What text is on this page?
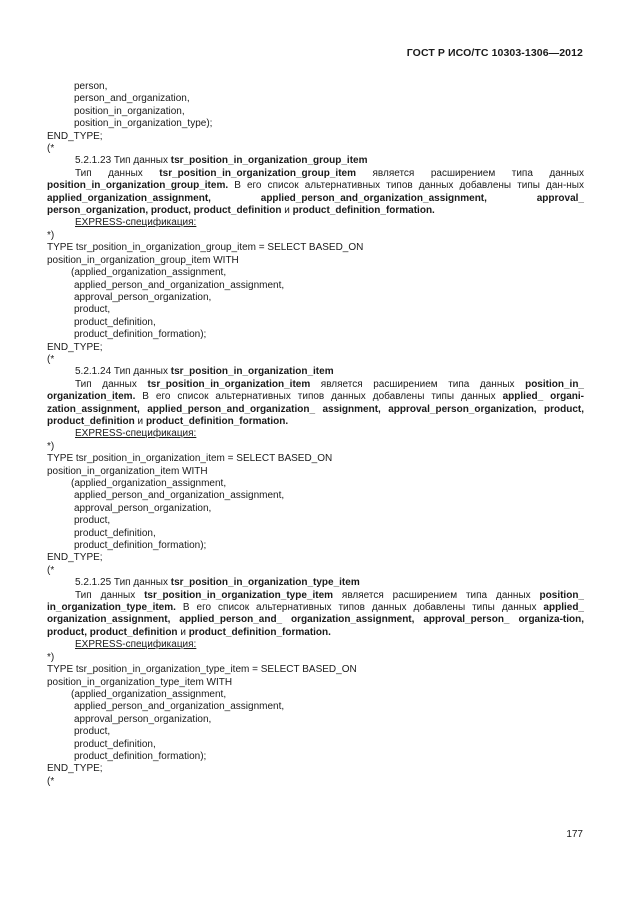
ГОСТ Р ИСО/ТС 10303-1306—2012
person,
person_and_organization,
position_in_organization,
position_in_organization_type);
END_TYPE;
(*
5.2.1.23 Тип данных tsr_position_in_organization_group_item
Тип данных tsr_position_in_organization_group_item является расширением типа данных position_in_organization_group_item. В его список альтернативных типов данных добавлены типы дан-ных applied_organization_assignment, applied_person_and_organization_assignment, approval_ person_organization, product, product_definition и product_definition_formation.
EXPRESS-спецификация:
*)
TYPE tsr_position_in_organization_group_item = SELECT BASED_ON
position_in_organization_group_item WITH
(applied_organization_assignment,
applied_person_and_organization_assignment,
approval_person_organization,
product,
product_definition,
product_definition_formation);
END_TYPE;
(*
5.2.1.24 Тип данных tsr_position_in_organization_item
Тип данных tsr_position_in_organization_item является расширением типа данных position_in_ organization_item. В его список альтернативных типов данных добавлены типы данных applied_ organi-zation_assignment, applied_person_and_organization_ assignment, approval_person_organization, product, product_definition и product_definition_formation.
EXPRESS-спецификация:
*)
TYPE tsr_position_in_organization_item = SELECT BASED_ON
position_in_organization_item WITH
(applied_organization_assignment,
applied_person_and_organization_assignment,
approval_person_organization,
product,
product_definition,
product_definition_formation);
END_TYPE;
(*
5.2.1.25 Тип данных tsr_position_in_organization_type_item
Тип данных tsr_position_in_organization_type_item является расширением типа данных position_ in_organization_type_item. В его список альтернативных типов данных добавлены типы данных applied_ organization_assignment, applied_person_and_ organization_assignment, approval_person_ organiza-tion, product, product_definition и product_definition_formation.
EXPRESS-спецификация:
*)
TYPE tsr_position_in_organization_type_item = SELECT BASED_ON
position_in_organization_type_item WITH
(applied_organization_assignment,
applied_person_and_organization_assignment,
approval_person_organization,
product,
product_definition,
product_definition_formation);
END_TYPE;
(*
177
